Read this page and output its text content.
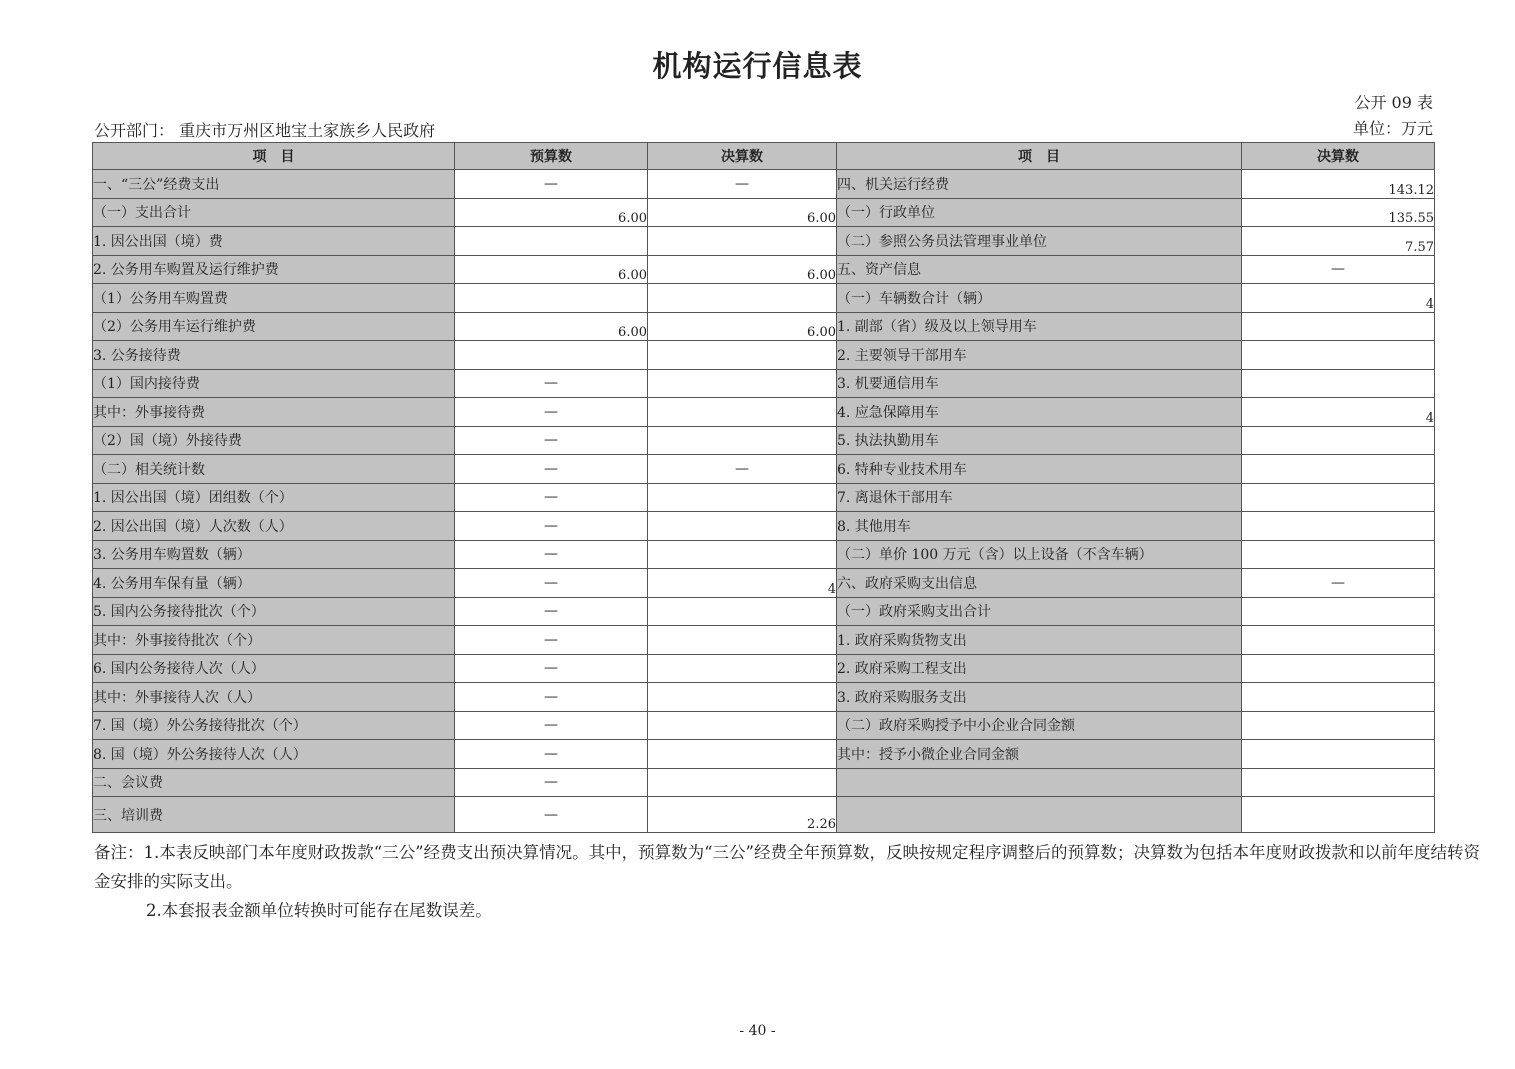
机构运行信息表
公开 09 表
公开部门： 重庆市万州区地宝土家族乡人民政府	单位：万元
项　目	预算数	决算数	项　目	决算数
一、“三公”经费支出	—	—	四、机关运行经费	143.12
（一）支出合计	6.00	6.00	（一）行政单位	135.55
1. 因公出国（境）费			（二）参照公务员法管理事业单位	7.57
2. 公务用车购置及运行维护费	6.00	6.00	五、资产信息	—
（1）公务用车购置费			（一）车辆数合计（辆）	4
（2）公务用车运行维护费	6.00	6.00	1. 副部（省）级及以上领导用车	
3. 公务接待费			2. 主要领导干部用车	
（1）国内接待费	—		3. 机要通信用车	
其中：外事接待费	—		4. 应急保障用车	4
（2）国（境）外接待费	—		5. 执法执勤用车	
（二）相关统计数	—	—	6. 特种专业技术用车	
1. 因公出国（境）团组数（个）	—		7. 离退休干部用车	
2. 因公出国（境）人次数（人）	—		8. 其他用车	
3. 公务用车购置数（辆）	—		（二）单价 100 万元（含）以上设备（不含车辆）	
4. 公务用车保有量（辆）	—	4	六、政府采购支出信息	—
5. 国内公务接待批次（个）	—		（一）政府采购支出合计	
其中：外事接待批次（个）	—		1. 政府采购货物支出	
6. 国内公务接待人次（人）	—		2. 政府采购工程支出	
其中：外事接待人次（人）	—		3. 政府采购服务支出	
7. 国（境）外公务接待批次（个）	—		（二）政府采购授予中小企业合同金额	
8. 国（境）外公务接待人次（人）	—		其中：授予小微企业合同金额	
二、会议费	—			
三、培训费	—	2.26		

备注：1.本表反映部门本年度财政拨款“三公”经费支出预决算情况。其中，预算数为“三公”经费全年预算数，反映按规定程序调整后的预算数；决算数为包括本年度财政拨款和以前年度结转资金安排的实际支出。

2.本套报表金额单位转换时可能存在尾数误差。

- 40 -
